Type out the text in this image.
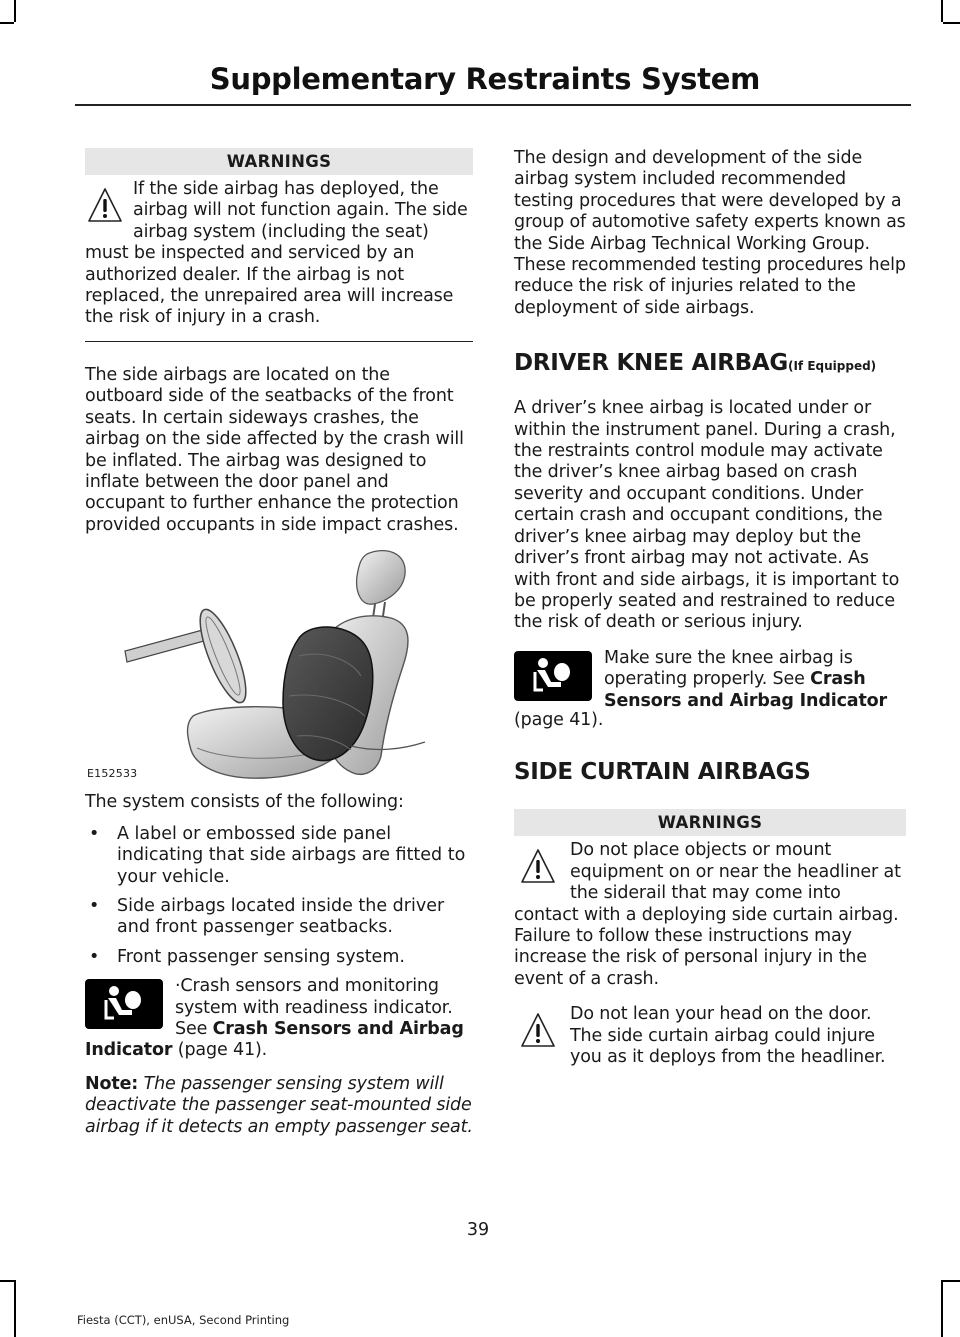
Supplementary Restraints System
WARNINGS

If the side airbag has deployed, the airbag will not function again. The side airbag system (including the seat) must be inspected and serviced by an authorized dealer. If the airbag is not replaced, the unrepaired area will increase the risk of injury in a crash.

The side airbags are located on the outboard side of the seatbacks of the front seats. In certain sideways crashes, the airbag on the side affected by the crash will be inflated. The airbag was designed to inflate between the door panel and occupant to further enhance the protection provided occupants in side impact crashes.

E152533

The system consists of the following:

• A label or embossed side panel indicating that side airbags are fitted to your vehicle.
• Side airbags located inside the driver and front passenger seatbacks.
• Front passenger sensing system.

·Crash sensors and monitoring system with readiness indicator. See Crash Sensors and Airbag Indicator (page 41).

Note: The passenger sensing system will deactivate the passenger seat-mounted side airbag if it detects an empty passenger seat.

The design and development of the side airbag system included recommended testing procedures that were developed by a group of automotive safety experts known as the Side Airbag Technical Working Group. These recommended testing procedures help reduce the risk of injuries related to the deployment of side airbags.

DRIVER KNEE AIRBAG(If Equipped)

A driver’s knee airbag is located under or within the instrument panel. During a crash, the restraints control module may activate the driver’s knee airbag based on crash severity and occupant conditions. Under certain crash and occupant conditions, the driver’s knee airbag may deploy but the driver’s front airbag may not activate. As with front and side airbags, it is important to be properly seated and restrained to reduce the risk of death or serious injury.

Make sure the knee airbag is operating properly. See Crash Sensors and Airbag Indicator

(page 41).

SIDE CURTAIN AIRBAGS
WARNINGS

Do not place objects or mount equipment on or near the headliner at the siderail that may come into contact with a deploying side curtain airbag. Failure to follow these instructions may increase the risk of personal injury in the event of a crash.

Do not lean your head on the door. The side curtain airbag could injure you as it deploys from the headliner.

39
Fiesta (CCT), enUSA, Second Printing
